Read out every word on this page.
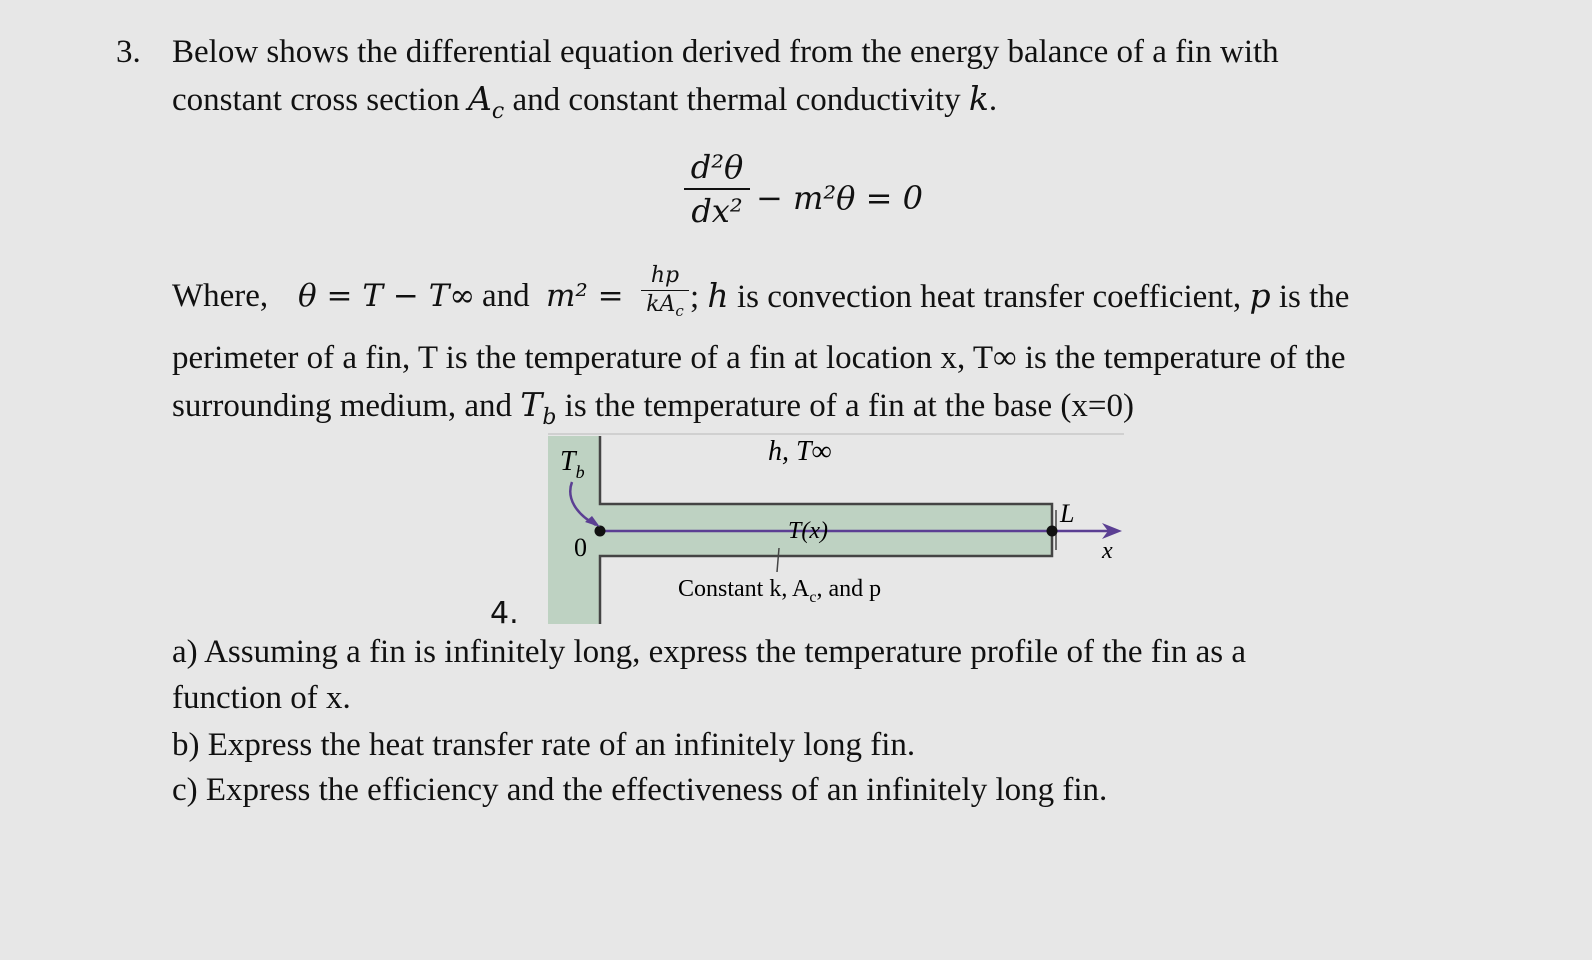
3. Below shows the differential equation derived from the energy balance of a fin with
constant cross section $A_c$ and constant thermal conductivity k.
d²θ
dx² − m²θ = 0
Where, θ = T − T∞ and m² =
hp
$kA_c$ ; h is convection heat transfer coefficient, p is the
perimeter of a fin, T is the temperature of a fin at location x, T∞ is the temperature of the
surrounding medium, and $T_b$ is the temperature of a fin at the base (x=0)
$T_b$
h, T∞
T(x)
L
x
0
Constant k, $A_c$, and p
4.
a) Assuming a fin is infinitely long, express the temperature profile of the fin as a
function of x.
b) Express the heat transfer rate of an infinitely long fin.
c) Express the efficiency and the effectiveness of an infinitely long fin.
